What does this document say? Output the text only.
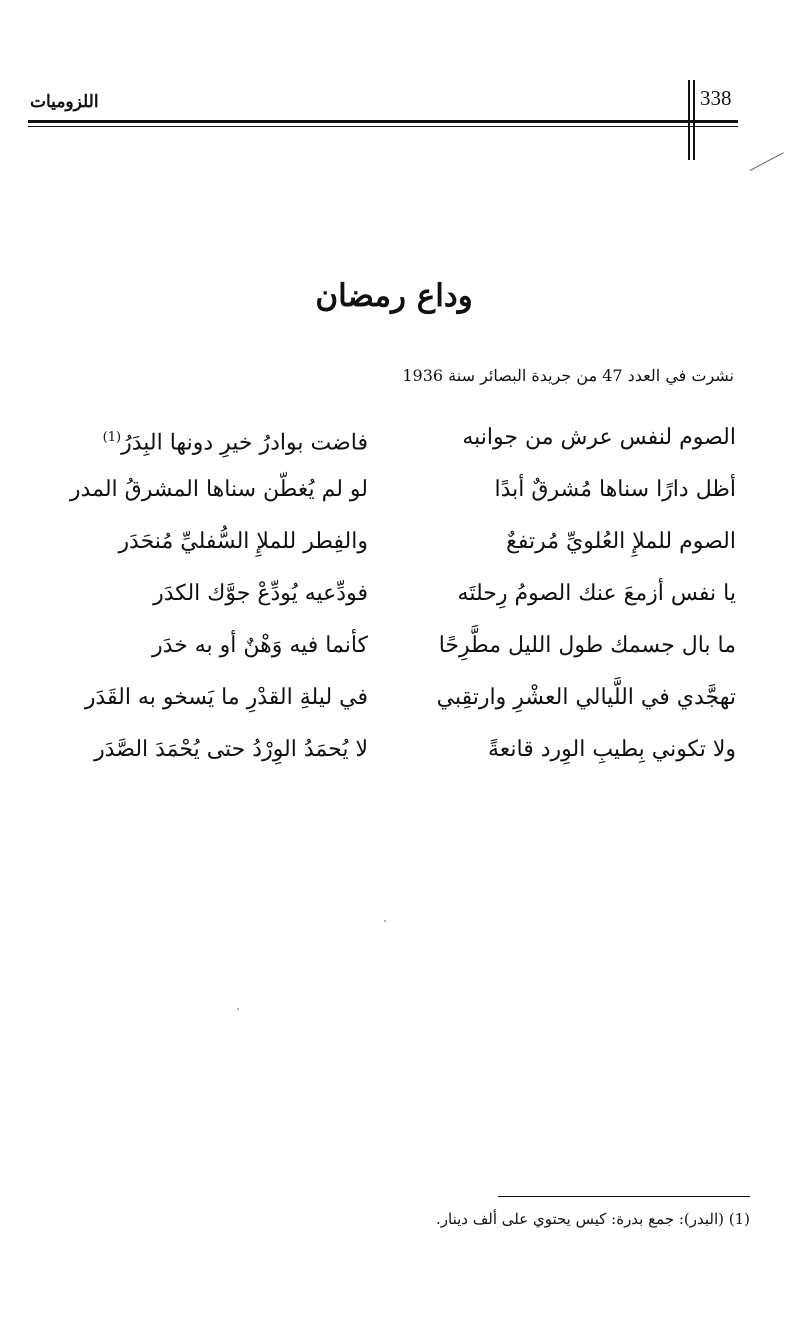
338
اللزوميات
وداع رمضان
نشرت في العدد 47 من جريدة البصائر سنة 1936
الصوم لنفس عرش من جوانبه
فاضت بوادرُ خيرِ دونها البِدَرُ$^{(1)}$
أظل دارًا سناها مُشرقٌ أبدًا
لو لم يُغطّن سناها المشرقُ المدر
الصوم للملإِ العُلويِّ مُرتفعٌ
والفِطر للملإِ السُّفليِّ مُنحَدَر
يا نفس أزمعَ عنك الصومُ رِحلتَه
فودِّعيه يُودِّعْ جوَّك الكدَر
ما بال جسمك طول الليل مطَّرِحًا
كأنما فيه وَهْنٌ أو به خدَر
تهجَّدي في اللَّيالي العشْرِ وارتقِبي
في ليلةِ القدْرِ ما يَسخو به القَدَر
ولا تكوني بِطيبِ الوِرد قانعةً
لا يُحمَدُ الوِرْدُ حتى يُحْمَدَ الصَّدَر
(1) (البدر): جمع بدرة: كيس يحتوي على ألف دينار.
